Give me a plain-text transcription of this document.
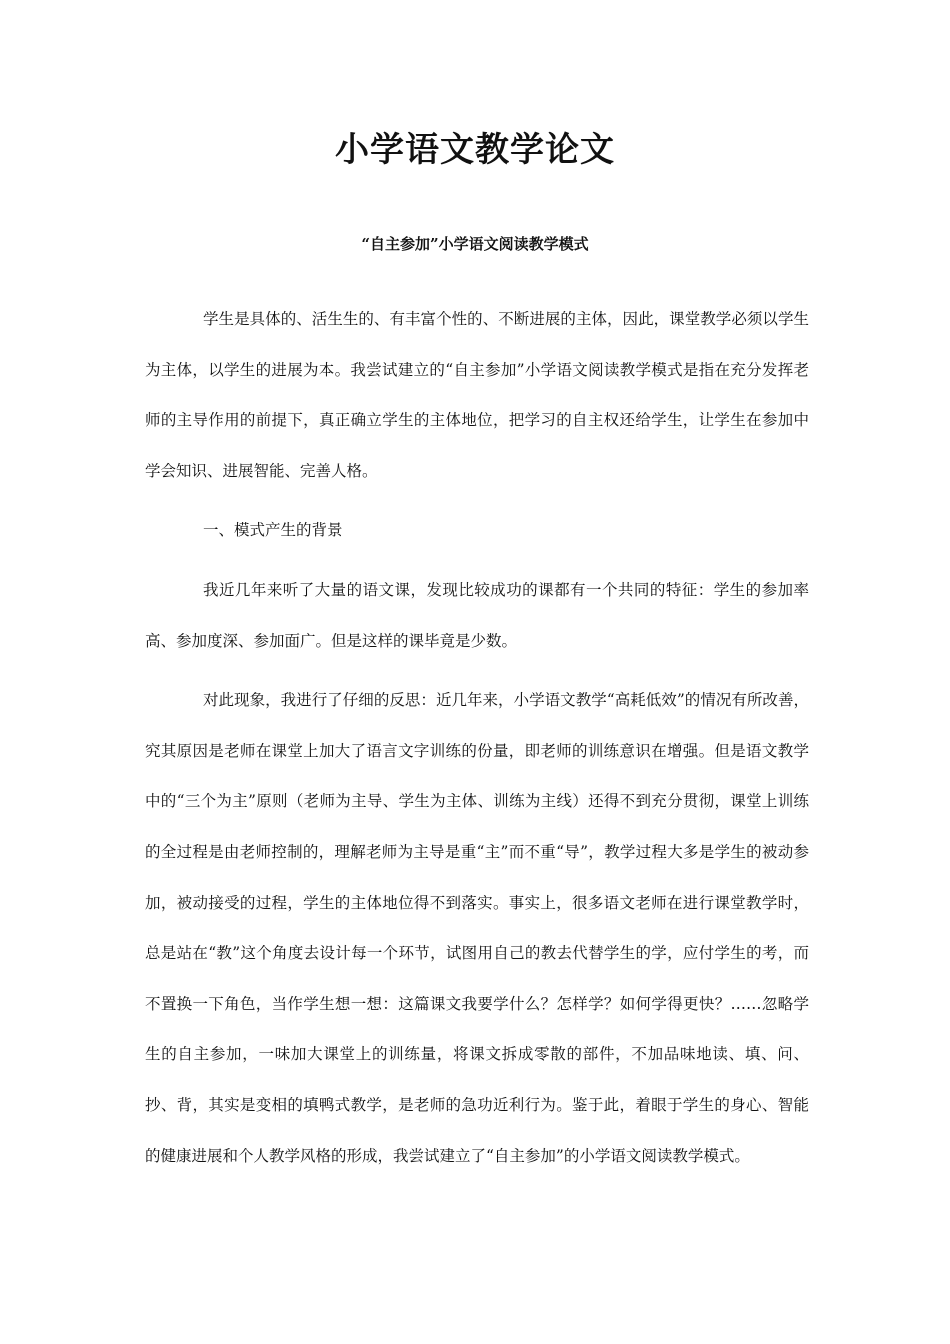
小学语文教学论文
“自主参加”小学语文阅读教学模式

学生是具体的、活生生的、有丰富个性的、不断进展的主体，因此，课堂教学必须以学生为主体，以学生的进展为本。我尝试建立的“自主参加”小学语文阅读教学模式是指在充分发挥老师的主导作用的前提下，真正确立学生的主体地位，把学习的自主权还给学生，让学生在参加中学会知识、进展智能、完善人格。

一、模式产生的背景

我近几年来听了大量的语文课，发现比较成功的课都有一个共同的特征：学生的参加率高、参加度深、参加面广。但是这样的课毕竟是少数。

对此现象，我进行了仔细的反思：近几年来，小学语文教学“高耗低效”的情况有所改善，究其原因是老师在课堂上加大了语言文字训练的份量，即老师的训练意识在增强。但是语文教学中的“三个为主”原则（老师为主导、学生为主体、训练为主线）还得不到充分贯彻，课堂上训练的全过程是由老师控制的，理解老师为主导是重“主”而不重“导”，教学过程大多是学生的被动参加，被动接受的过程，学生的主体地位得不到落实。事实上，很多语文老师在进行课堂教学时，总是站在“教”这个角度去设计每一个环节，试图用自己的教去代替学生的学，应付学生的考，而不置换一下角色，当作学生想一想：这篇课文我要学什么？怎样学？如何学得更快？……忽略学生的自主参加，一味加大课堂上的训练量，将课文拆成零散的部件，不加品味地读、填、问、抄、背，其实是变相的填鸭式教学，是老师的急功近利行为。鉴于此，着眼于学生的身心、智能的健康进展和个人教学风格的形成，我尝试建立了“自主参加”的小学语文阅读教学模式。
